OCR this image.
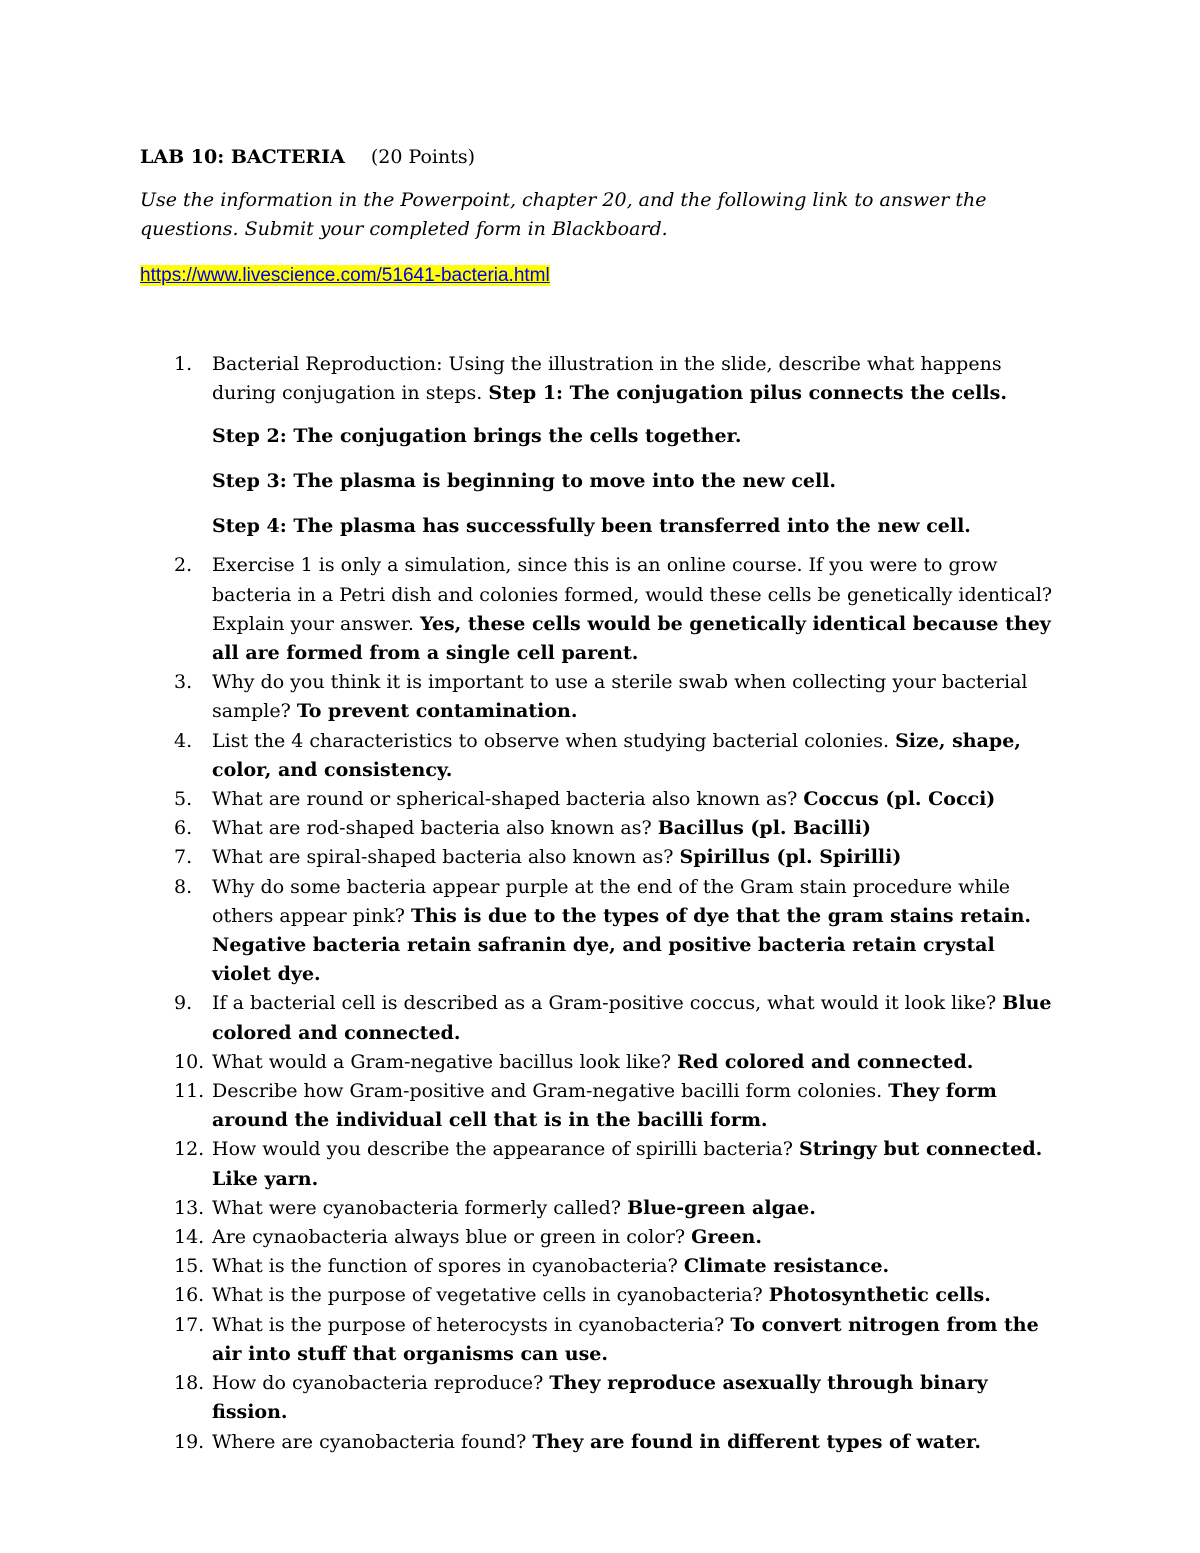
LAB 10: BACTERIA (20 Points)
Use the information in the Powerpoint, chapter 20, and the following link to answer the questions. Submit your completed form in Blackboard.
https://www.livescience.com/51641-bacteria.html
1. Bacterial Reproduction: Using the illustration in the slide, describe what happens during conjugation in steps. Step 1: The conjugation pilus connects the cells.

Step 2: The conjugation brings the cells together.

Step 3: The plasma is beginning to move into the new cell.

Step 4: The plasma has successfully been transferred into the new cell.

2. Exercise 1 is only a simulation, since this is an online course. If you were to grow bacteria in a Petri dish and colonies formed, would these cells be genetically identical? Explain your answer. Yes, these cells would be genetically identical because they all are formed from a single cell parent.
3. Why do you think it is important to use a sterile swab when collecting your bacterial sample? To prevent contamination.
4. List the 4 characteristics to observe when studying bacterial colonies. Size, shape, color, and consistency.
5. What are round or spherical-shaped bacteria also known as? Coccus (pl. Cocci)
6. What are rod-shaped bacteria also known as? Bacillus (pl. Bacilli)
7. What are spiral-shaped bacteria also known as? Spirillus (pl. Spirilli)
8. Why do some bacteria appear purple at the end of the Gram stain procedure while others appear pink? This is due to the types of dye that the gram stains retain. Negative bacteria retain safranin dye, and positive bacteria retain crystal violet dye.
9. If a bacterial cell is described as a Gram-positive coccus, what would it look like? Blue colored and connected.
10. What would a Gram-negative bacillus look like? Red colored and connected.
11. Describe how Gram-positive and Gram-negative bacilli form colonies. They form around the individual cell that is in the bacilli form.
12. How would you describe the appearance of spirilli bacteria? Stringy but connected. Like yarn.
13. What were cyanobacteria formerly called? Blue-green algae.
14. Are cynaobacteria always blue or green in color? Green.
15. What is the function of spores in cyanobacteria? Climate resistance.
16. What is the purpose of vegetative cells in cyanobacteria? Photosynthetic cells.
17. What is the purpose of heterocysts in cyanobacteria? To convert nitrogen from the air into stuff that organisms can use.
18. How do cyanobacteria reproduce? They reproduce asexually through binary fission.
19. Where are cyanobacteria found? They are found in different types of water.
